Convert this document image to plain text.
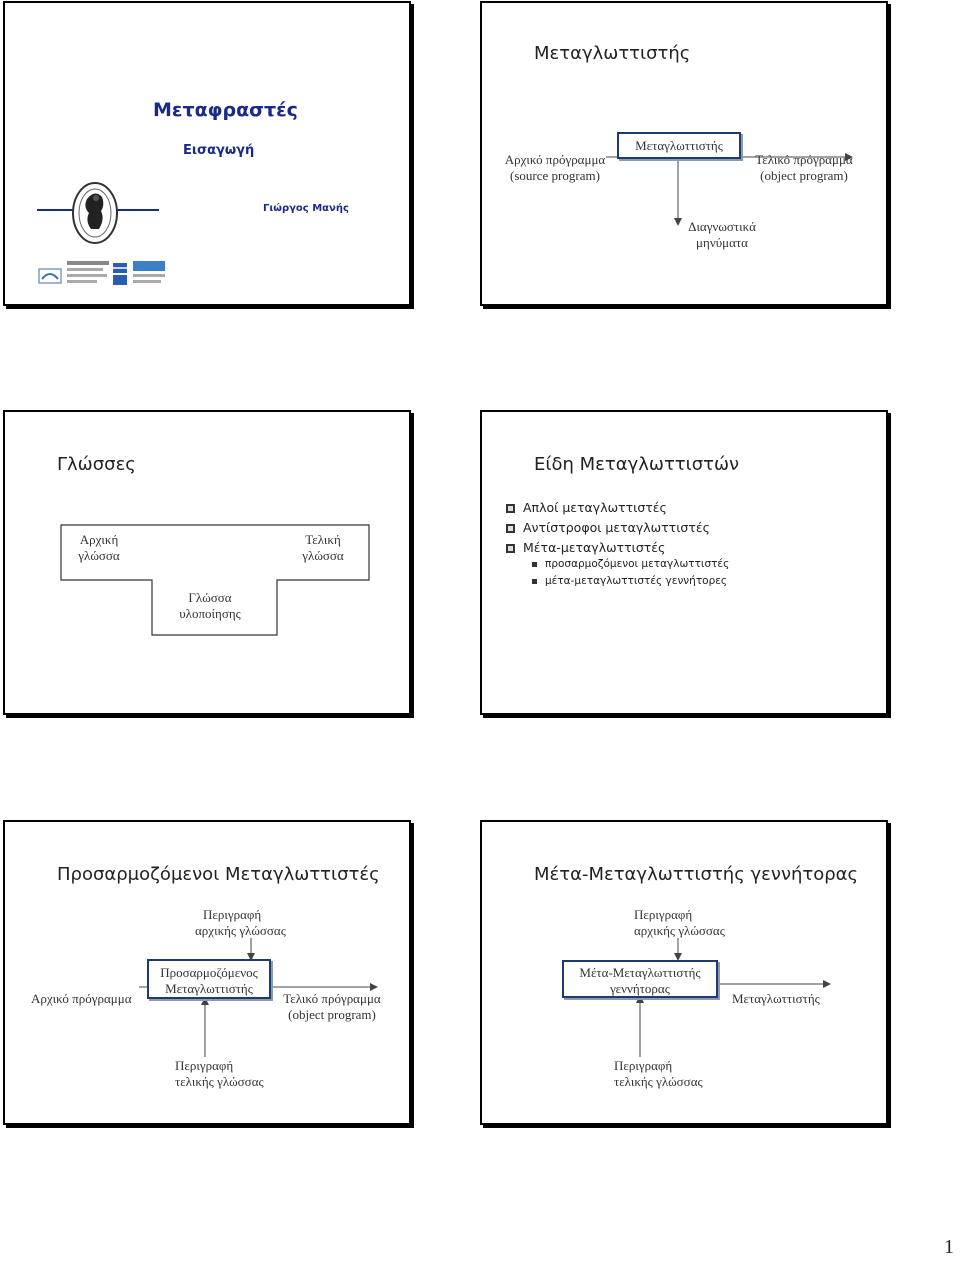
Μεταφραστές
Εισαγωγή
Γιώργος Μανής
Μεταγλωττιστής
Αρχικό πρόγραμμα
(source program)
Μεταγλωττιστής
Τελικό πρόγραμμα
(object program)
Διαγνωστικά
μηνύματα
Γλώσσες
Αρχική
γλώσσα
Τελική
γλώσσα
Γλώσσα
υλοποίησης
Είδη Μεταγλωττιστών
Απλοί μεταγλωττιστές
Αντίστροφοι μεταγλωττιστές
Μέτα-μεταγλωττιστές
προσαρμοζόμενοι μεταγλωττιστές
μέτα-μεταγλωττιστές γεννήτορες
Προσαρμοζόμενοι Μεταγλωττιστές
Περιγραφή
αρχικής γλώσσας
Αρχικό πρόγραμμα
Προσαρμοζόμενος
Μεταγλωττιστής
Τελικό πρόγραμμα
(object program)
Περιγραφή
τελικής γλώσσας
Μέτα-Μεταγλωττιστής γεννήτορας
Περιγραφή
αρχικής γλώσσας
Μέτα-Μεταγλωττιστής
γεννήτορας
Μεταγλωττιστής
Περιγραφή
τελικής γλώσσας
1
